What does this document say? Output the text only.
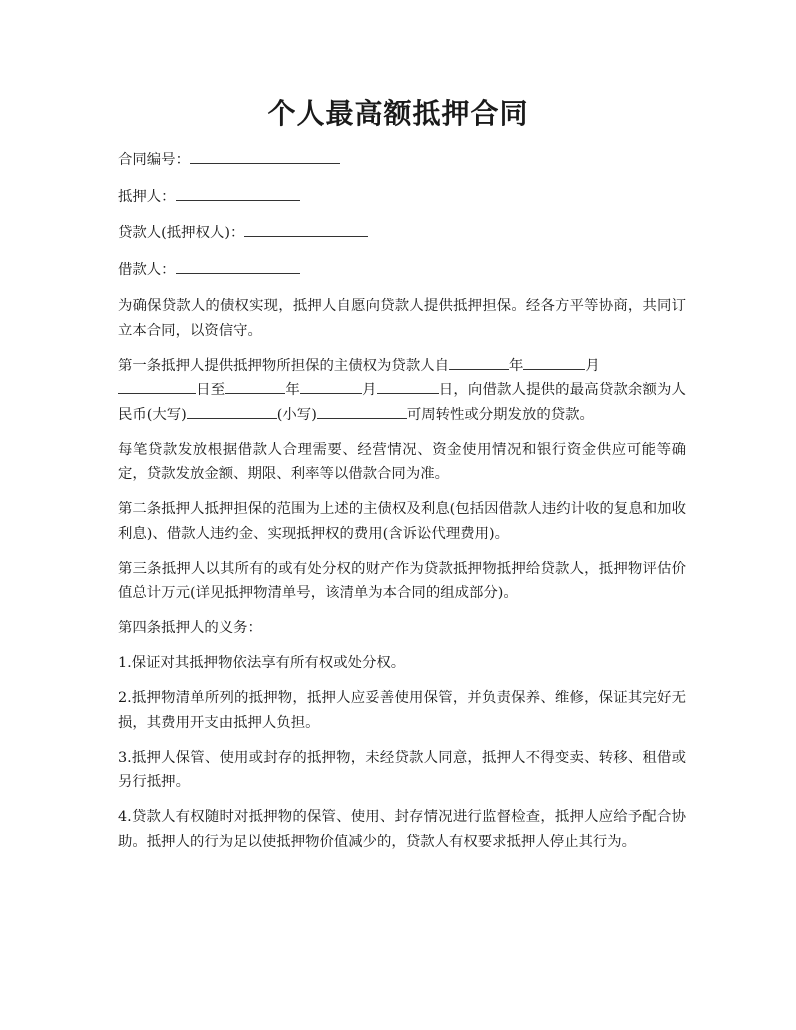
个人最高额抵押合同
合同编号：
抵押人：
贷款人(抵押权人)：
借款人：

为确保贷款人的债权实现，抵押人自愿向贷款人提供抵押担保。经各方平等协商，共同订立本合同，以资信守。

第一条抵押人提供抵押物所担保的主债权为贷款人自	年	月
日至	年	月	日，向借款人提供的最高贷款余额为人民币(大写)	(小写)	可周转性或分期发放的贷款。

每笔贷款发放根据借款人合理需要、经营情况、资金使用情况和银行资金供应可能等确定，贷款发放金额、期限、利率等以借款合同为准。

第二条抵押人抵押担保的范围为上述的主债权及利息(包括因借款人违约计收的复息和加收利息)、借款人违约金、实现抵押权的费用(含诉讼代理费用)。

第三条抵押人以其所有的或有处分权的财产作为贷款抵押物抵押给贷款人，抵押物评估价值总计万元(详见抵押物清单号，该清单为本合同的组成部分)。

第四条抵押人的义务：

1.保证对其抵押物依法享有所有权或处分权。

2.抵押物清单所列的抵押物，抵押人应妥善使用保管，并负责保养、维修，保证其完好无损，其费用开支由抵押人负担。

3.抵押人保管、使用或封存的抵押物，未经贷款人同意，抵押人不得变卖、转移、租借或另行抵押。

4.贷款人有权随时对抵押物的保管、使用、封存情况进行监督检查，抵押人应给予配合协助。抵押人的行为足以使抵押物价值减少的，贷款人有权要求抵押人停止其行为。
